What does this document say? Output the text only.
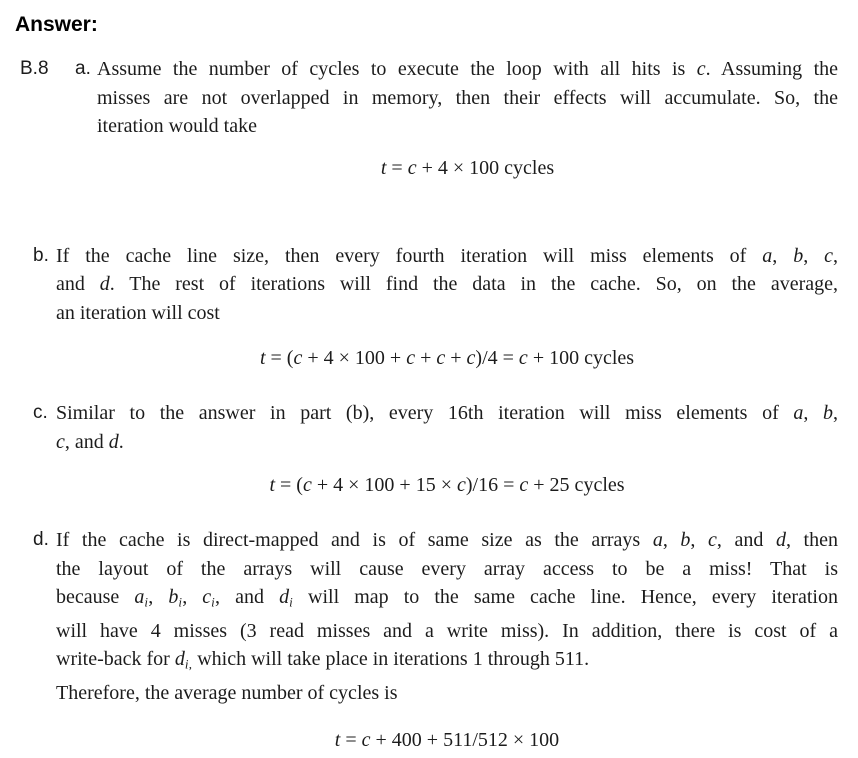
Answer:
B.8	a. Assume the number of cycles to execute the loop with all hits is c. Assuming the
misses are not overlapped in memory, then their effects will accumulate. So, the
iteration would take
t = c + 4 × 100 cycles
b. If the cache line size, then every fourth iteration will miss elements of a, b, c,
and d. The rest of iterations will find the data in the cache. So, on the average,
an iteration will cost
t = (c + 4 × 100 + c + c + c)/4 = c + 100 cycles
c. Similar to the answer in part (b), every 16th iteration will miss elements of a, b,
c, and d.
t = (c + 4 × 100 + 15 × c)/16 = c + 25 cycles
d. If the cache is direct-mapped and is of same size as the arrays a, b, c, and d, then
the layout of the arrays will cause every array access to be a miss! That is
because ai, bi, ci, and di will map to the same cache line. Hence, every iteration
will have 4 misses (3 read misses and a write miss). In addition, there is cost of a
write-back for di, which will take place in iterations 1 through 511.
Therefore, the average number of cycles is
t = c + 400 + 511/512 × 100
